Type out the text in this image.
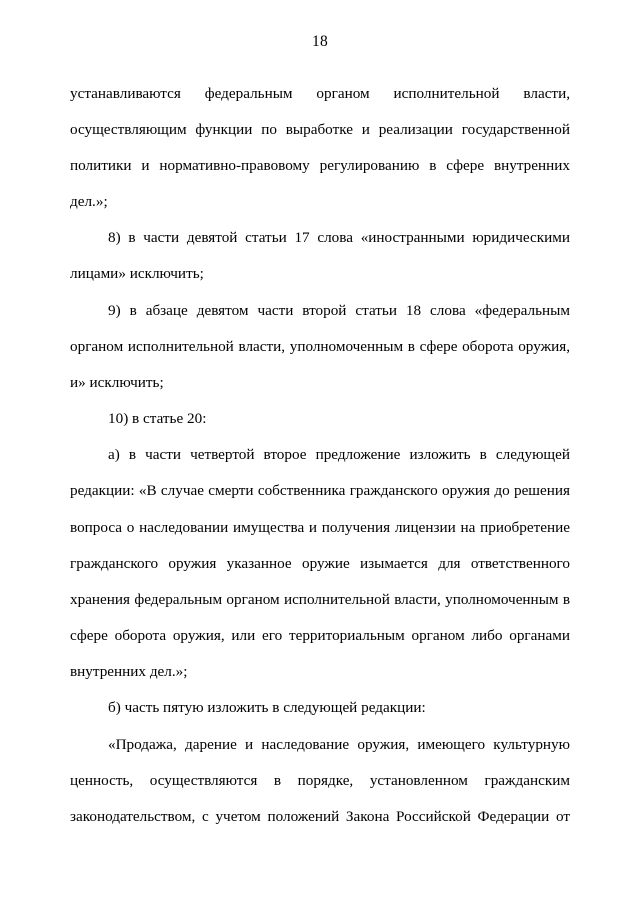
18

устанавливаются федеральным органом исполнительной власти, осуществляющим функции по выработке и реализации государственной политики и нормативно-правовому регулированию в сфере внутренних дел.»;

8) в части девятой статьи 17 слова «иностранными юридическими лицами» исключить;

9) в абзаце девятом части второй статьи 18 слова «федеральным органом исполнительной власти, уполномоченным в сфере оборота оружия, и» исключить;

10) в статье 20:

а) в части четвертой второе предложение изложить в следующей редакции: «В случае смерти собственника гражданского оружия до решения вопроса о наследовании имущества и получения лицензии на приобретение гражданского оружия указанное оружие изымается для ответственного хранения федеральным органом исполнительной власти, уполномоченным в сфере оборота оружия, или его территориальным органом либо органами внутренних дел.»;

б) часть пятую изложить в следующей редакции:

«Продажа, дарение и наследование оружия, имеющего культурную ценность, осуществляются в порядке, установленном гражданским законодательством, с учетом положений Закона Российской Федерации от
